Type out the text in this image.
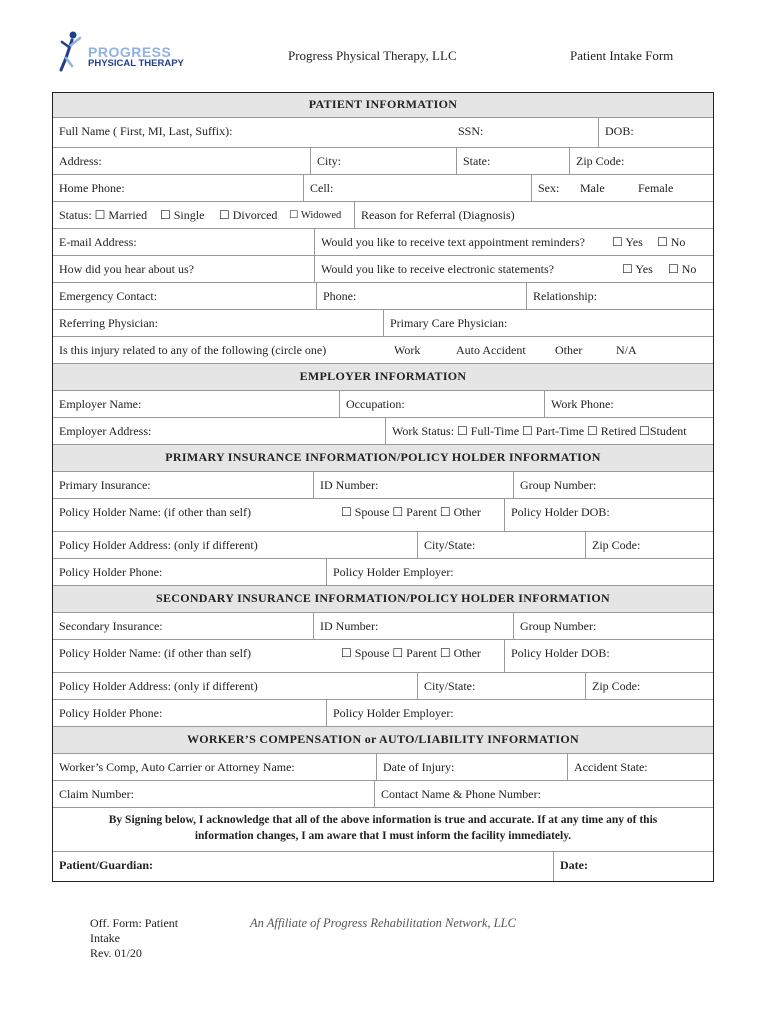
PROGRESS
PHYSICAL THERAPY
Progress Physical Therapy, LLC	Patient Intake Form
PATIENT INFORMATION
Full Name ( First, MI, Last, Suffix):	SSN:	DOB:
Address:	City:	State:	Zip Code:
Home Phone:	Cell:	Sex: Male	Female
Status: ☐ Married ☐ Single ☐ Divorced ☐ Widowed	Reason for Referral (Diagnosis)
E-mail Address:	Would you like to receive text appointment reminders? ☐ Yes ☐ No
How did you hear about us?	Would you like to receive electronic statements?	☐ Yes ☐ No
Emergency Contact:	Phone:	Relationship:
Referring Physician:	Primary Care Physician:
Is this injury related to any of the following (circle one)	Work	Auto Accident Other	N/A
EMPLOYER INFORMATION
Employer Name:	Occupation:	Work Phone:
Employer Address:	Work Status: ☐ Full-Time ☐ Part-Time ☐ Retired ☐Student
PRIMARY INSURANCE INFORMATION/POLICY HOLDER INFORMATION
Primary Insurance:	ID Number:	Group Number:
Policy Holder Name: (if other than self)	☐ Spouse ☐ Parent ☐ Other	Policy Holder DOB:
Policy Holder Address: (only if different)	City/State:	Zip Code:
Policy Holder Phone:	Policy Holder Employer:
SECONDARY INSURANCE INFORMATION/POLICY HOLDER INFORMATION
Secondary Insurance:	ID Number:	Group Number:
Policy Holder Name: (if other than self)	☐ Spouse ☐ Parent ☐ Other	Policy Holder DOB:
Policy Holder Address: (only if different)	City/State:	Zip Code:
Policy Holder Phone:	Policy Holder Employer:
WORKER’S COMPENSATION or AUTO/LIABILITY INFORMATION
Worker’s Comp, Auto Carrier or Attorney Name:	Date of Injury:	Accident State:
Claim Number:	Contact Name & Phone Number:
By Signing below, I acknowledge that all of the above information is true and accurate. If at any time any of this
information changes, I am aware that I must inform the facility immediately.
Patient/Guardian:	Date:
Off. Form: Patient
Intake
Rev. 01/20
An Affiliate of Progress Rehabilitation Network, LLC
